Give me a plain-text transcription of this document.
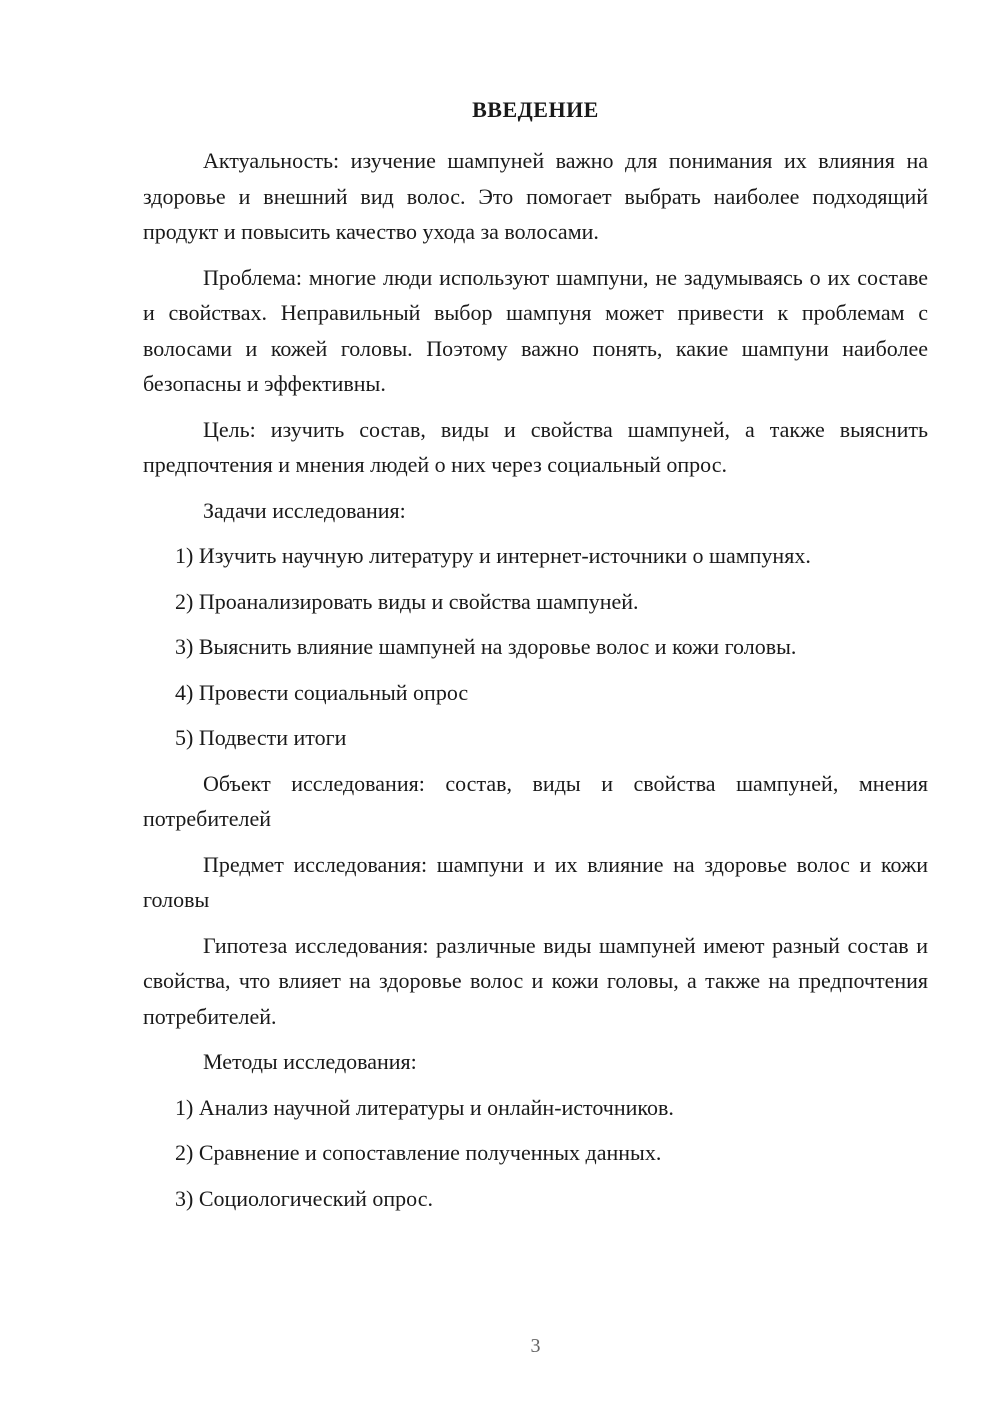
ВВЕДЕНИЕ

Актуальность: изучение шампуней важно для понимания их влияния на здоровье и внешний вид волос. Это помогает выбрать наиболее подходящий продукт и повысить качество ухода за волосами.

Проблема: многие люди используют шампуни, не задумываясь о их составе и свойствах. Неправильный выбор шампуня может привести к проблемам с волосами и кожей головы. Поэтому важно понять, какие шампуни наиболее безопасны и эффективны.

Цель: изучить состав, виды и свойства шампуней, а также выяснить предпочтения и мнения людей о них через социальный опрос.

Задачи исследования:

1) Изучить научную литературу и интернет-источники о шампунях.

2) Проанализировать виды и свойства шампуней.

3) Выяснить влияние шампуней на здоровье волос и кожи головы.

4) Провести социальный опрос

5) Подвести итоги

Объект исследования: состав, виды и свойства шампуней, мнения потребителей

Предмет исследования: шампуни и их влияние на здоровье волос и кожи головы

Гипотеза исследования: различные виды шампуней имеют разный состав и свойства, что влияет на здоровье волос и кожи головы, а также на предпочтения потребителей.

Методы исследования:

1) Анализ научной литературы и онлайн-источников.

2) Сравнение и сопоставление полученных данных.

3) Социологический опрос.

3
